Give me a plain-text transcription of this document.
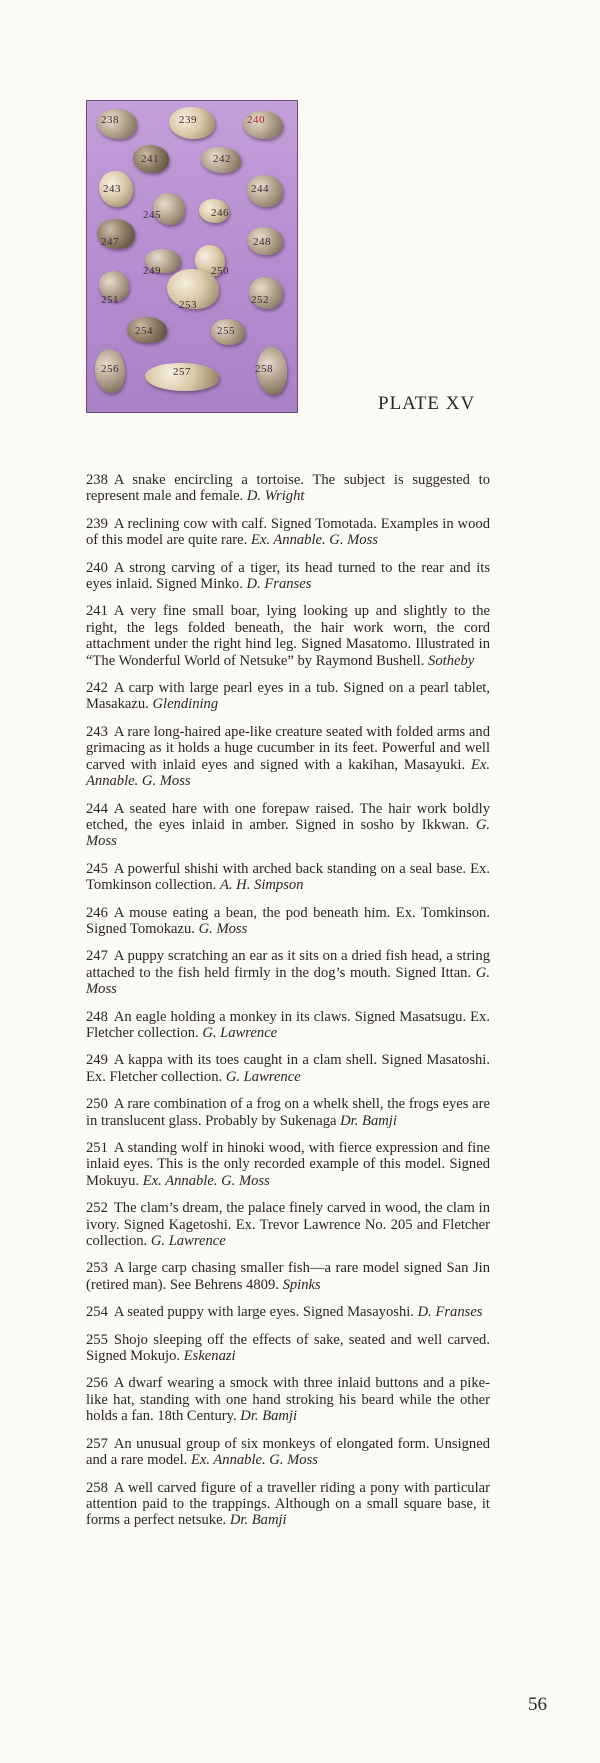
238	239	240
241	242
243	244
245	246
247	248
249	250
251	253	252
254	255
256	257	258
PLATE XV

238 A snake encircling a tortoise. The subject is suggested to represent male and female. D. Wright

239 A reclining cow with calf. Signed Tomotada. Examples in wood of this model are quite rare. Ex. Annable. G. Moss

240 A strong carving of a tiger, its head turned to the rear and its eyes inlaid. Signed Minko. D. Franses

241 A very fine small boar, lying looking up and slightly to the right, the legs folded beneath, the hair work worn, the cord attachment under the right hind leg. Signed Masatomo. Illustrated in “The Wonderful World of Netsuke” by Raymond Bushell. Sotheby

242 A carp with large pearl eyes in a tub. Signed on a pearl tablet, Masakazu. Glendining

243 A rare long-haired ape-like creature seated with folded arms and grimacing as it holds a huge cucumber in its feet. Powerful and well carved with inlaid eyes and signed with a kakihan, Masayuki. Ex. Annable. G. Moss

244 A seated hare with one forepaw raised. The hair work boldly etched, the eyes inlaid in amber. Signed in sosho by Ikkwan. G. Moss

245 A powerful shishi with arched back standing on a seal base. Ex. Tomkinson collection. A. H. Simpson

246 A mouse eating a bean, the pod beneath him. Ex. Tomkinson. Signed Tomokazu. G. Moss

247 A puppy scratching an ear as it sits on a dried fish head, a string attached to the fish held firmly in the dog’s mouth. Signed Ittan. G. Moss

248 An eagle holding a monkey in its claws. Signed Masatsugu. Ex. Fletcher collection. G. Lawrence

249 A kappa with its toes caught in a clam shell. Signed Masatoshi. Ex. Fletcher collection. G. Lawrence

250 A rare combination of a frog on a whelk shell, the frogs eyes are in translucent glass. Probably by Sukenaga Dr. Bamji

251 A standing wolf in hinoki wood, with fierce expression and fine inlaid eyes. This is the only recorded example of this model. Signed Mokuyu. Ex. Annable. G. Moss

252 The clam’s dream, the palace finely carved in wood, the clam in ivory. Signed Kagetoshi. Ex. Trevor Lawrence No. 205 and Fletcher collection. G. Lawrence

253 A large carp chasing smaller fish—a rare model signed San Jin (retired man). See Behrens 4809. Spinks

254 A seated puppy with large eyes. Signed Masayoshi. D. Franses

255 Shojo sleeping off the effects of sake, seated and well carved. Signed Mokujo. Eskenazi

256 A dwarf wearing a smock with three inlaid buttons and a pike-like hat, standing with one hand stroking his beard while the other holds a fan. 18th Century. Dr. Bamji

257 An unusual group of six monkeys of elongated form. Unsigned and a rare model. Ex. Annable. G. Moss

258 A well carved figure of a traveller riding a pony with particular attention paid to the trappings. Although on a small square base, it forms a perfect netsuke. Dr. Bamji

56
